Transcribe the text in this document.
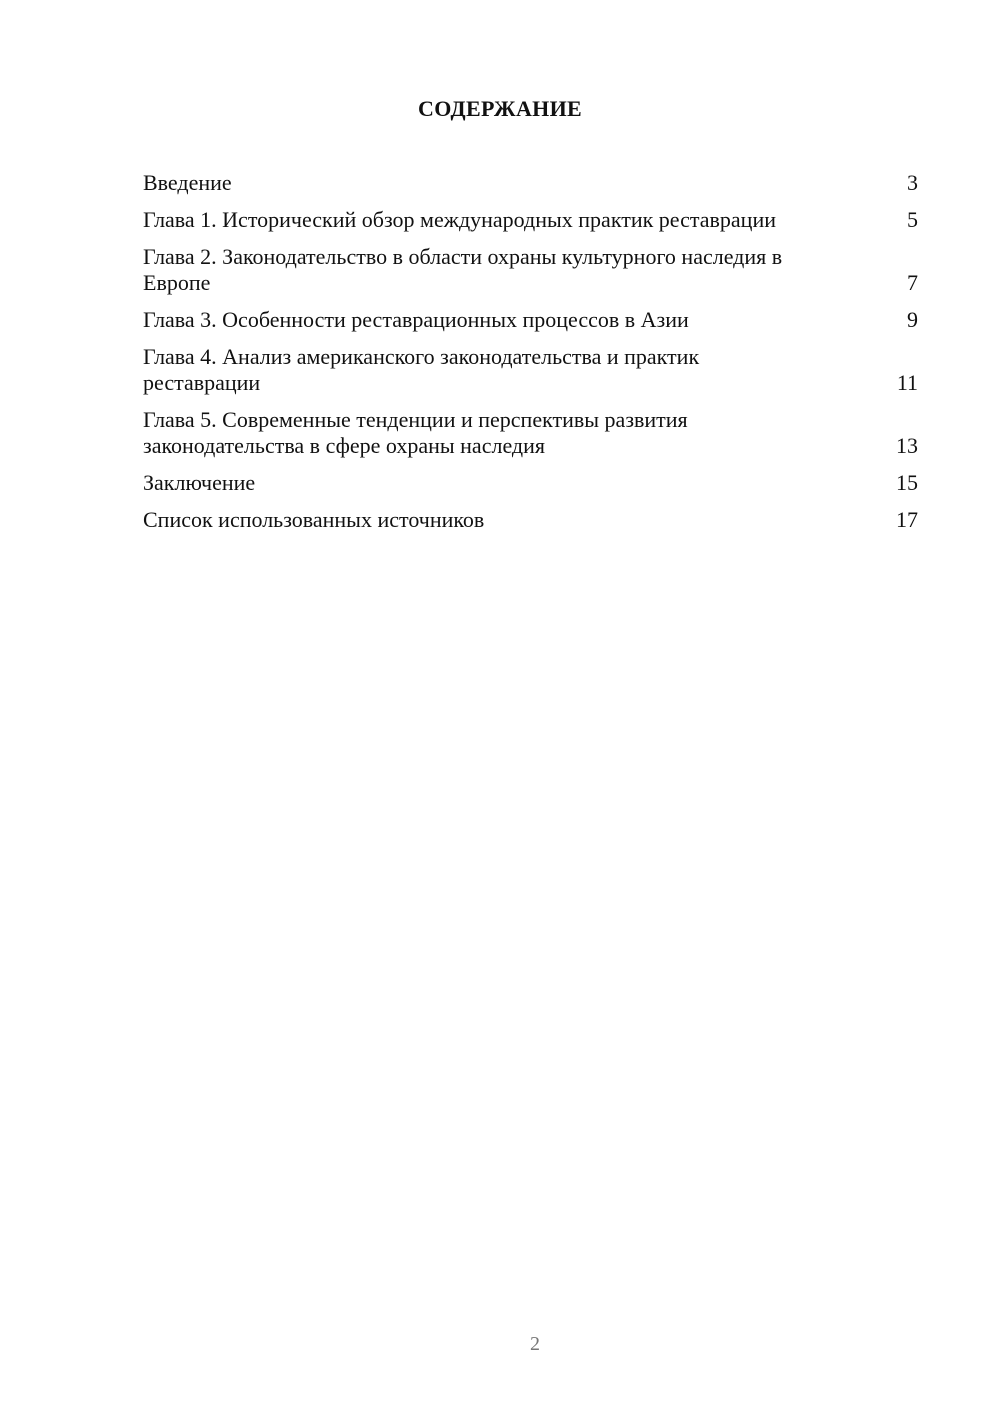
СОДЕРЖАНИЕ
Введение	3
Глава 1. Исторический обзор международных практик реставрации	5
Глава 2. Законодательство в области охраны культурного наследия в Европе	7
Глава 3. Особенности реставрационных процессов в Азии	9
Глава 4. Анализ американского законодательства и практик реставрации	11
Глава 5. Современные тенденции и перспективы развития законодательства в сфере охраны наследия	13
Заключение	15
Список использованных источников	17
2
